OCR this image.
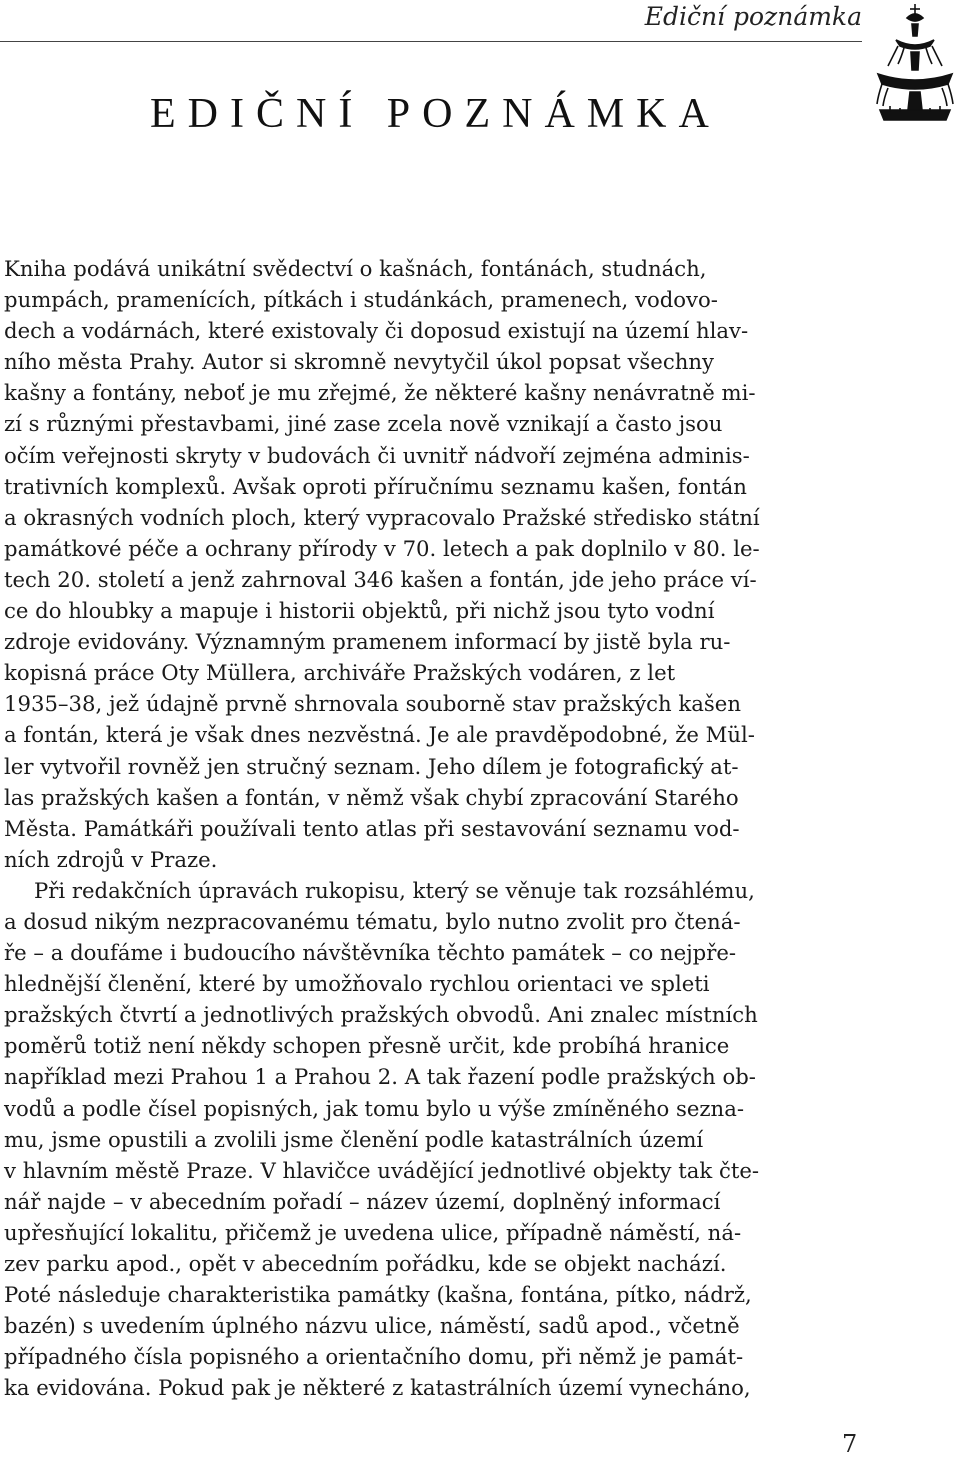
Ediční poznámka
EDIČNÍ POZNÁMKA
Kniha podává unikátní svědectví o kašnách, fontánách, studnách,
pumpách, pramenících, pítkách i studánkách, pramenech, vodovo-
dech a vodárnách, které existovaly či doposud existují na území hlav-
ního města Prahy. Autor si skromně nevytyčil úkol popsat všechny
kašny a fontány, neboť je mu zřejmé, že některé kašny nenávratně mi-
zí s různými přestavbami, jiné zase zcela nově vznikají a často jsou
očím veřejnosti skryty v budovách či uvnitř nádvoří zejména adminis-
trativních komplexů. Avšak oproti příručnímu seznamu kašen, fontán
a okrasných vodních ploch, který vypracovalo Pražské středisko státní
památkové péče a ochrany přírody v 70. letech a pak doplnilo v 80. le-
tech 20. století a jenž zahrnoval 346 kašen a fontán, jde jeho práce ví-
ce do hloubky a mapuje i historii objektů, při nichž jsou tyto vodní
zdroje evidovány. Významným pramenem informací by jistě byla ru-
kopisná práce Oty Müllera, archiváře Pražských vodáren, z let
1935–38, jež údajně prvně shrnovala souborně stav pražských kašen
a fontán, která je však dnes nezvěstná. Je ale pravděpodobné, že Mül-
ler vytvořil rovněž jen stručný seznam. Jeho dílem je fotografický at-
las pražských kašen a fontán, v němž však chybí zpracování Starého
Města. Památkáři používali tento atlas při sestavování seznamu vod-
ních zdrojů v Praze.
Při redakčních úpravách rukopisu, který se věnuje tak rozsáhlému,
a dosud nikým nezpracovanému tématu, bylo nutno zvolit pro čtená-
ře – a doufáme i budoucího návštěvníka těchto památek – co nejpře-
hlednější členění, které by umožňovalo rychlou orientaci ve spleti
pražských čtvrtí a jednotlivých pražských obvodů. Ani znalec místních
poměrů totiž není někdy schopen přesně určit, kde probíhá hranice
například mezi Prahou 1 a Prahou 2. A tak řazení podle pražských ob-
vodů a podle čísel popisných, jak tomu bylo u výše zmíněného sezna-
mu, jsme opustili a zvolili jsme členění podle katastrálních území
v hlavním městě Praze. V hlavičce uvádějící jednotlivé objekty tak čte-
nář najde – v abecedním pořadí – název území, doplněný informací
upřesňující lokalitu, přičemž je uvedena ulice, případně náměstí, ná-
zev parku apod., opět v abecedním pořádku, kde se objekt nachází.
Poté následuje charakteristika památky (kašna, fontána, pítko, nádrž,
bazén) s uvedením úplného názvu ulice, náměstí, sadů apod., včetně
případného čísla popisného a orientačního domu, při němž je památ-
ka evidována. Pokud pak je některé z katastrálních území vynecháno,
7
